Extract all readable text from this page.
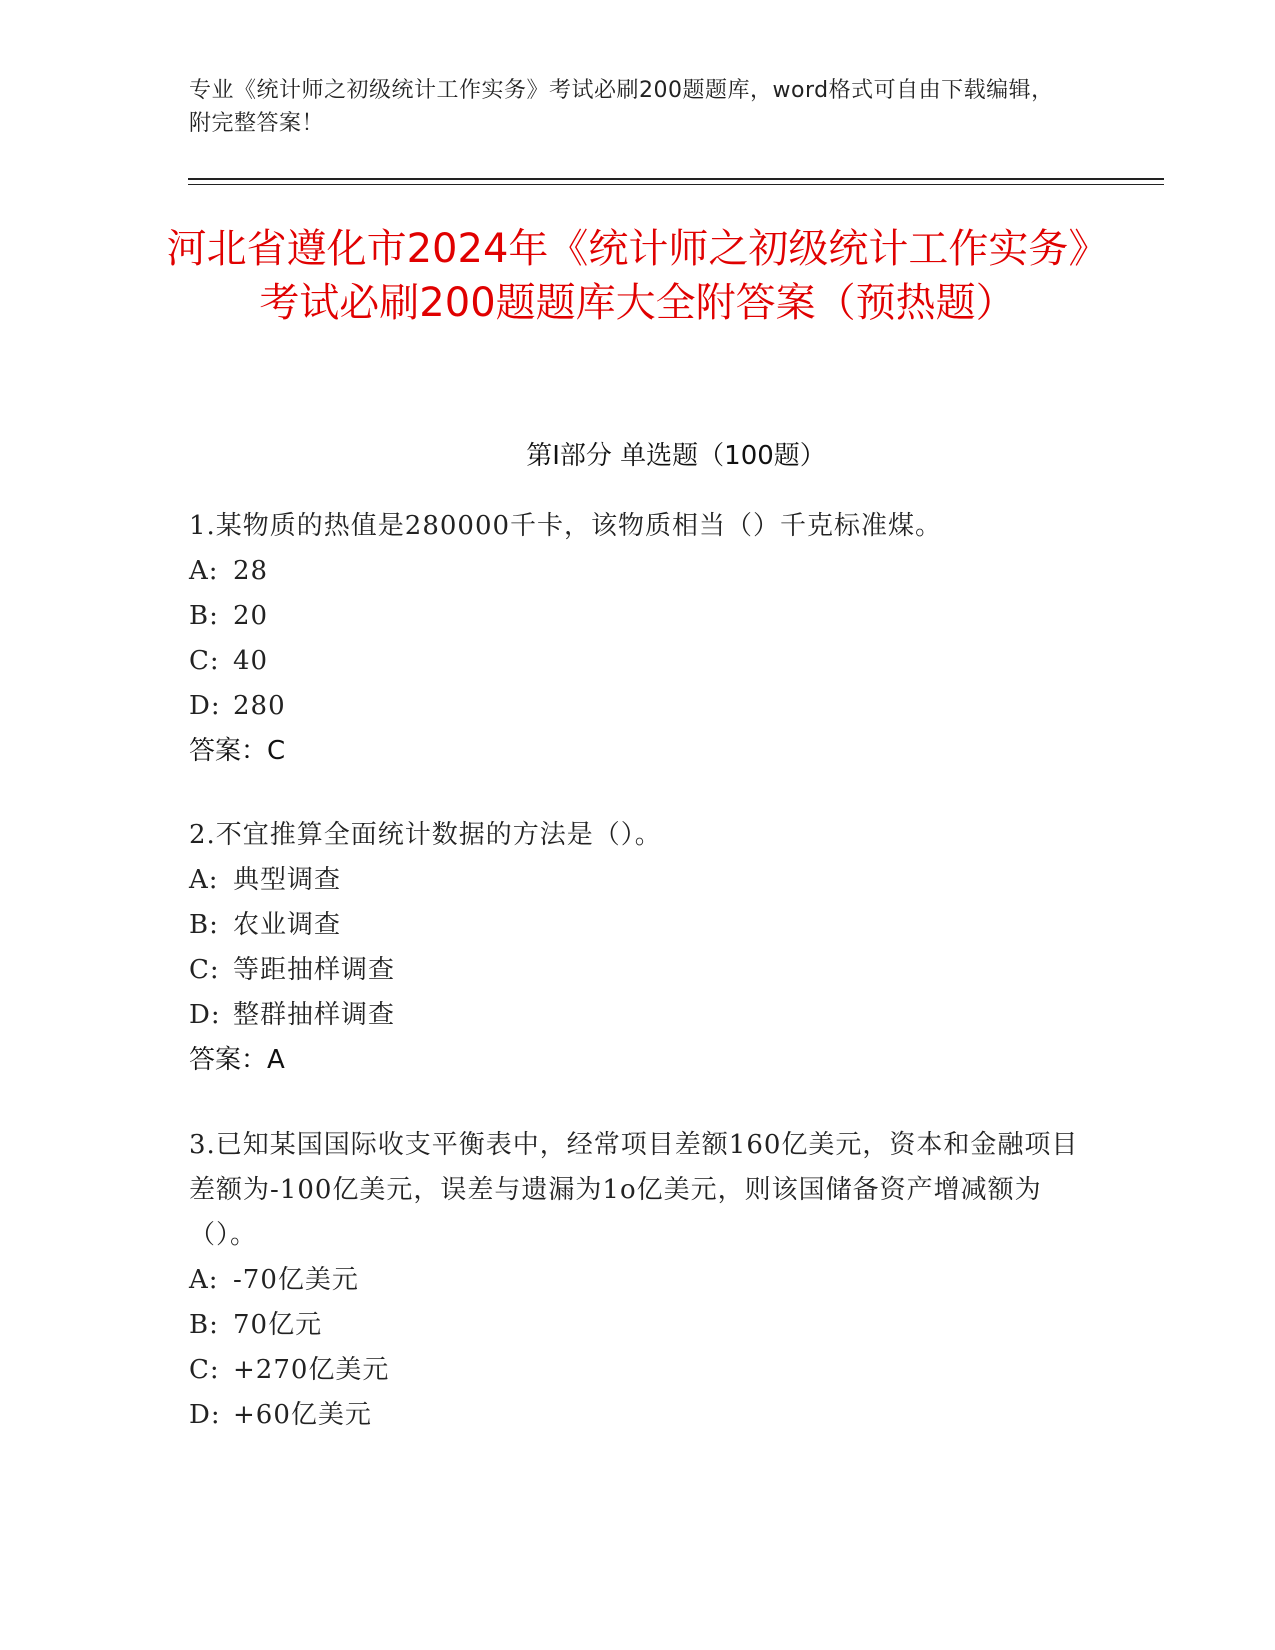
专业《统计师之初级统计工作实务》考试必刷200题题库，word格式可自由下载编辑，附完整答案！
河北省遵化市2024年《统计师之初级统计工作实务》考试必刷200题题库大全附答案（预热题）
第Ⅰ部分 单选题（100题）

1.某物质的热值是280000千卡，该物质相当（）千克标准煤。

A: 28

B: 20

C: 40

D: 280

答案：C

2.不宜推算全面统计数据的方法是（）。

A: 典型调查

B: 农业调查

C: 等距抽样调查

D: 整群抽样调查

答案：A

3.已知某国国际收支平衡表中，经常项目差额160亿美元，资本和金融项目差额为-100亿美元，误差与遗漏为1o亿美元，则该国储备资产增减额为（）。

A: -70亿美元

B: 70亿元

C: +270亿美元

D: +60亿美元
